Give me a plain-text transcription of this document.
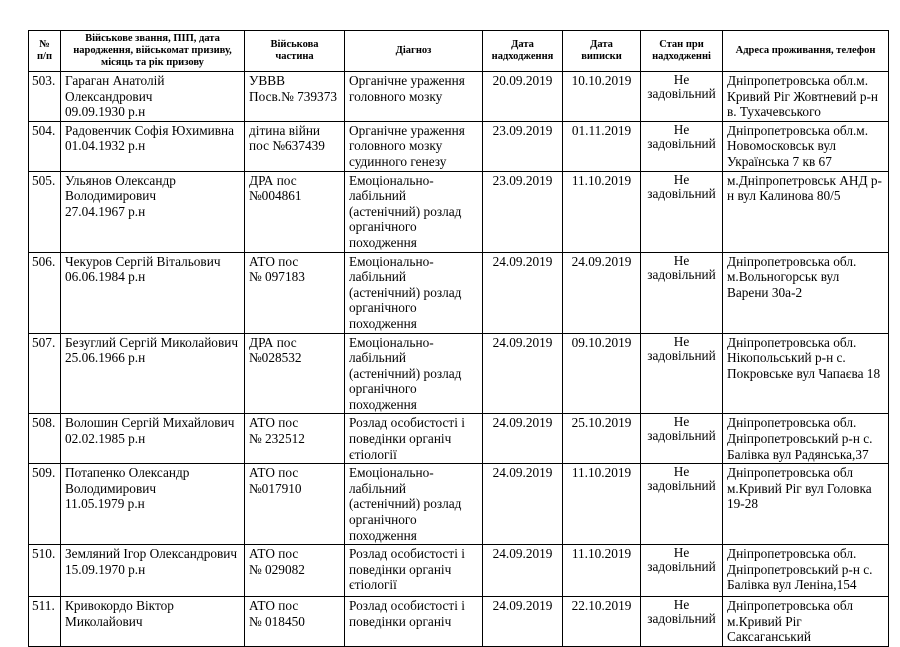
№
п/п	Військове звання, ПІП, дата народження, військомат призиву, місяць та рік призову	Військова
частина	Діагноз	Дата
надходження	Дата
виписки	Стан при
надходженні	Адреса проживання, телефон

503.	Гараган Анатолій Олександрович
09.09.1930 р.н	УВВВ
Посв.№ 739373	Органічне ураження головного мозку	20.09.2019	10.10.2019	Не
задовільний	Дніпропетровська обл.м. Кривий Ріг Жовтневий р-н в. Тухачевського

504.	Радовенчик Софія Юхимивна
01.04.1932 р.н	дітина війни
пос №637439	Органічне ураження головного мозку судинного генезу	23.09.2019	01.11.2019	Не
задовільний	Дніпропетровська обл.м. Новомосковськ вул Українська 7 кв 67

505.	Ульянов Олександр Володимирович
27.04.1967 р.н	ДРА пос
№004861	Емоціонально-
лабільний
(астенічний) розлад органічного походження	23.09.2019	11.10.2019	Не
задовільний	м.Дніпропетровськ АНД р-н вул Калинова 80/5

506.	Чекуров Сергій Вітальович
06.06.1984 р.н	АТО пос
№ 097183	Емоціонально-
лабільний
(астенічний) розлад органічного походження	24.09.2019	24.09.2019	Не
задовільний	Дніпропетровська обл. м.Вольногорськ вул Варени 30а-2

507.	Безуглий Сергій Миколайович
25.06.1966 р.н	ДРА пос
№028532	Емоціонально-
лабільний
(астенічний) розлад органічного походження	24.09.2019	09.10.2019	Не
задовільний	Дніпропетровська обл. Нікопольський р-н с. Покровське вул Чапаєва 18

508.	Волошин Сергій Михайлович
02.02.1985 р.н	АТО пос
№ 232512	Розлад особистості і поведінки органіч єтіології	24.09.2019	25.10.2019	Не
задовільний	Дніпропетровська обл. Дніпропетровський р-н с. Балівка вул Радянська,37

509.	Потапенко Олександр Володимирович
11.05.1979 р.н	АТО пос
№017910	Емоціонально-
лабільний
(астенічний) розлад органічного походження	24.09.2019	11.10.2019	Не
задовільний	Дніпропетровська обл м.Кривий Ріг вул Головка 19-28

510.	Земляний Ігор Олександрович
15.09.1970 р.н	АТО пос
№ 029082	Розлад особистості і поведінки органіч єтіології	24.09.2019	11.10.2019	Не
задовільний	Дніпропетровська обл. Дніпропетровський р-н с. Балівка вул Леніна,154

511.	Кривокордо Віктор Миколайович	АТО пос
№ 018450	Розлад особистості і поведінки органіч	24.09.2019	22.10.2019	Не
задовільний	Дніпропетровська обл м.Кривий Ріг Саксаганський
